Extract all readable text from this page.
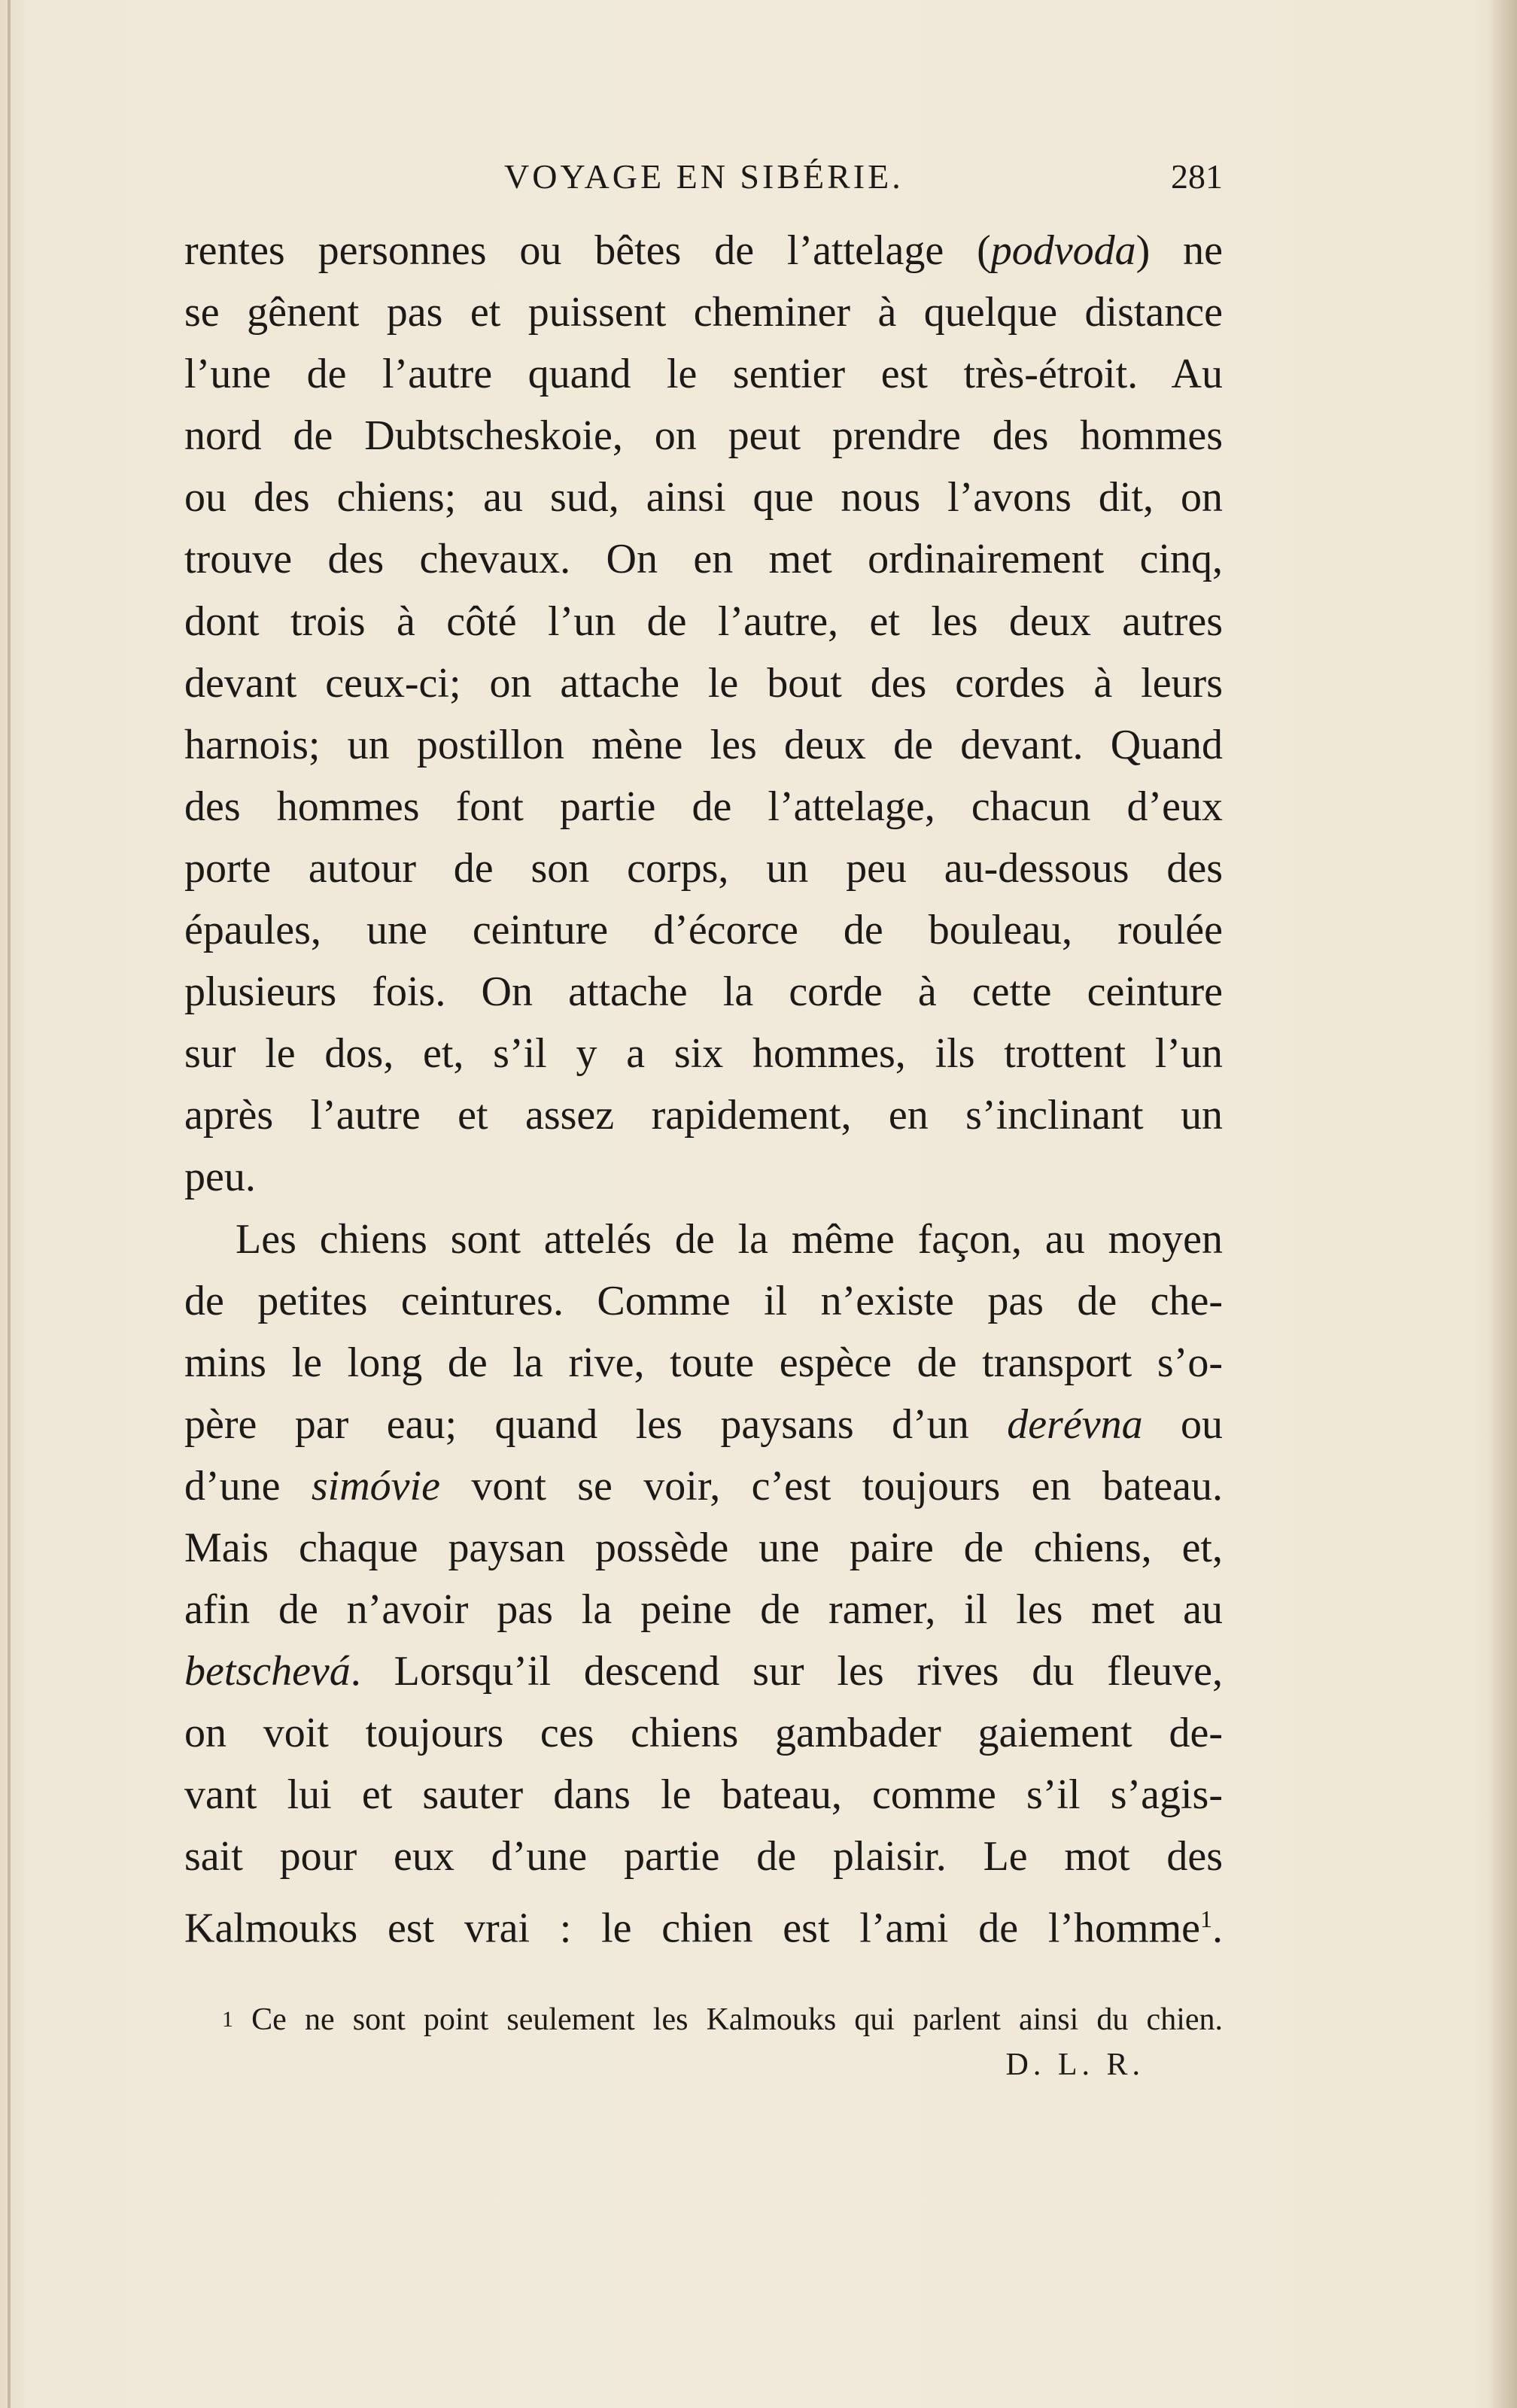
VOYAGE EN SIBÉRIE.	281
rentes personnes ou bêtes de l’attelage (podvoda) ne
se gênent pas et puissent cheminer à quelque distance
l’une de l’autre quand le sentier est très-étroit. Au
nord de Dubtscheskoie, on peut prendre des hommes
ou des chiens; au sud, ainsi que nous l’avons dit, on
trouve des chevaux. On en met ordinairement cinq,
dont trois à côté l’un de l’autre, et les deux autres
devant ceux-ci; on attache le bout des cordes à leurs
harnois; un postillon mène les deux de devant. Quand
des hommes font partie de l’attelage, chacun d’eux
porte autour de son corps, un peu au-dessous des
épaules, une ceinture d’écorce de bouleau, roulée
plusieurs fois. On attache la corde à cette ceinture
sur le dos, et, s’il y a six hommes, ils trottent l’un
après l’autre et assez rapidement, en s’inclinant un
peu.
Les chiens sont attelés de la même façon, au moyen
de petites ceintures. Comme il n’existe pas de che-
mins le long de la rive, toute espèce de transport s’o-
père par eau; quand les paysans d’un derévna ou
d’une simóvie vont se voir, c’est toujours en bateau.
Mais chaque paysan possède une paire de chiens, et,
afin de n’avoir pas la peine de ramer, il les met au
betschevá. Lorsqu’il descend sur les rives du fleuve,
on voit toujours ces chiens gambader gaiement de-
vant lui et sauter dans le bateau, comme s’il s’agis-
sait pour eux d’une partie de plaisir. Le mot des
Kalmouks est vrai : le chien est l’ami de l’homme$^1$.
$^1$ Ce ne sont point seulement les Kalmouks qui parlent ainsi du chien.
D. L. R.
